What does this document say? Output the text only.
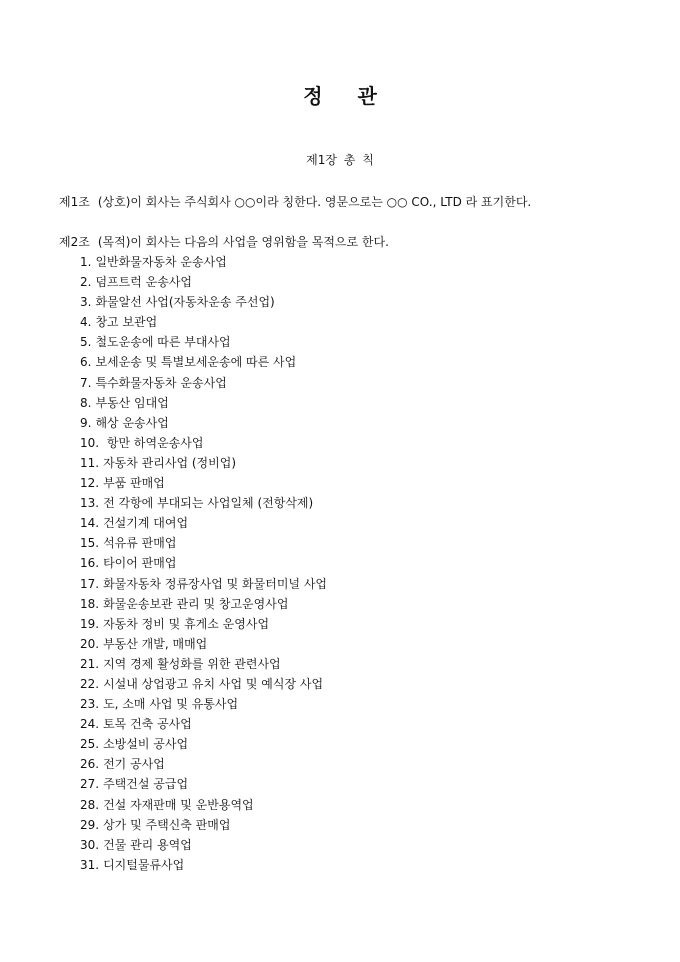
정 관

제1장 총 칙

제1조 (상호)이 회사는 주식회사 ○○이라 칭한다. 영문으로는 ○○ CO., LTD 라 표기한다.

제2조 (목적)이 회사는 다음의 사업을 영위함을 목적으로 한다.

1. 일반화물자동차 운송사업
2. 덤프트럭 운송사업
3. 화물알선 사업(자동차운송 주선업)
4. 창고 보관업
5. 철도운송에 따른 부대사업
6. 보세운송 및 특별보세운송에 따른 사업
7. 특수화물자동차 운송사업
8. 부동산 임대업
9. 해상 운송사업
10. 항만 하역운송사업
11. 자동차 관리사업 (정비업)
12. 부품 판매업
13. 전 각항에 부대되는 사업일체 (전항삭제)
14. 건설기계 대여업
15. 석유류 판매업
16. 타이어 판매업
17. 화물자동차 정류장사업 및 화물터미널 사업
18. 화물운송보관 관리 및 창고운영사업
19. 자동차 정비 및 휴게소 운영사업
20. 부동산 개발, 매매업
21. 지역 경제 활성화를 위한 관련사업
22. 시설내 상업광고 유치 사업 및 예식장 사업
23. 도, 소매 사업 및 유통사업
24. 토목 건축 공사업
25. 소방설비 공사업
26. 전기 공사업
27. 주택건설 공급업
28. 건설 자재판매 및 운반용역업
29. 상가 및 주택신축 판매업
30. 건물 관리 용역업
31. 디지털물류사업
